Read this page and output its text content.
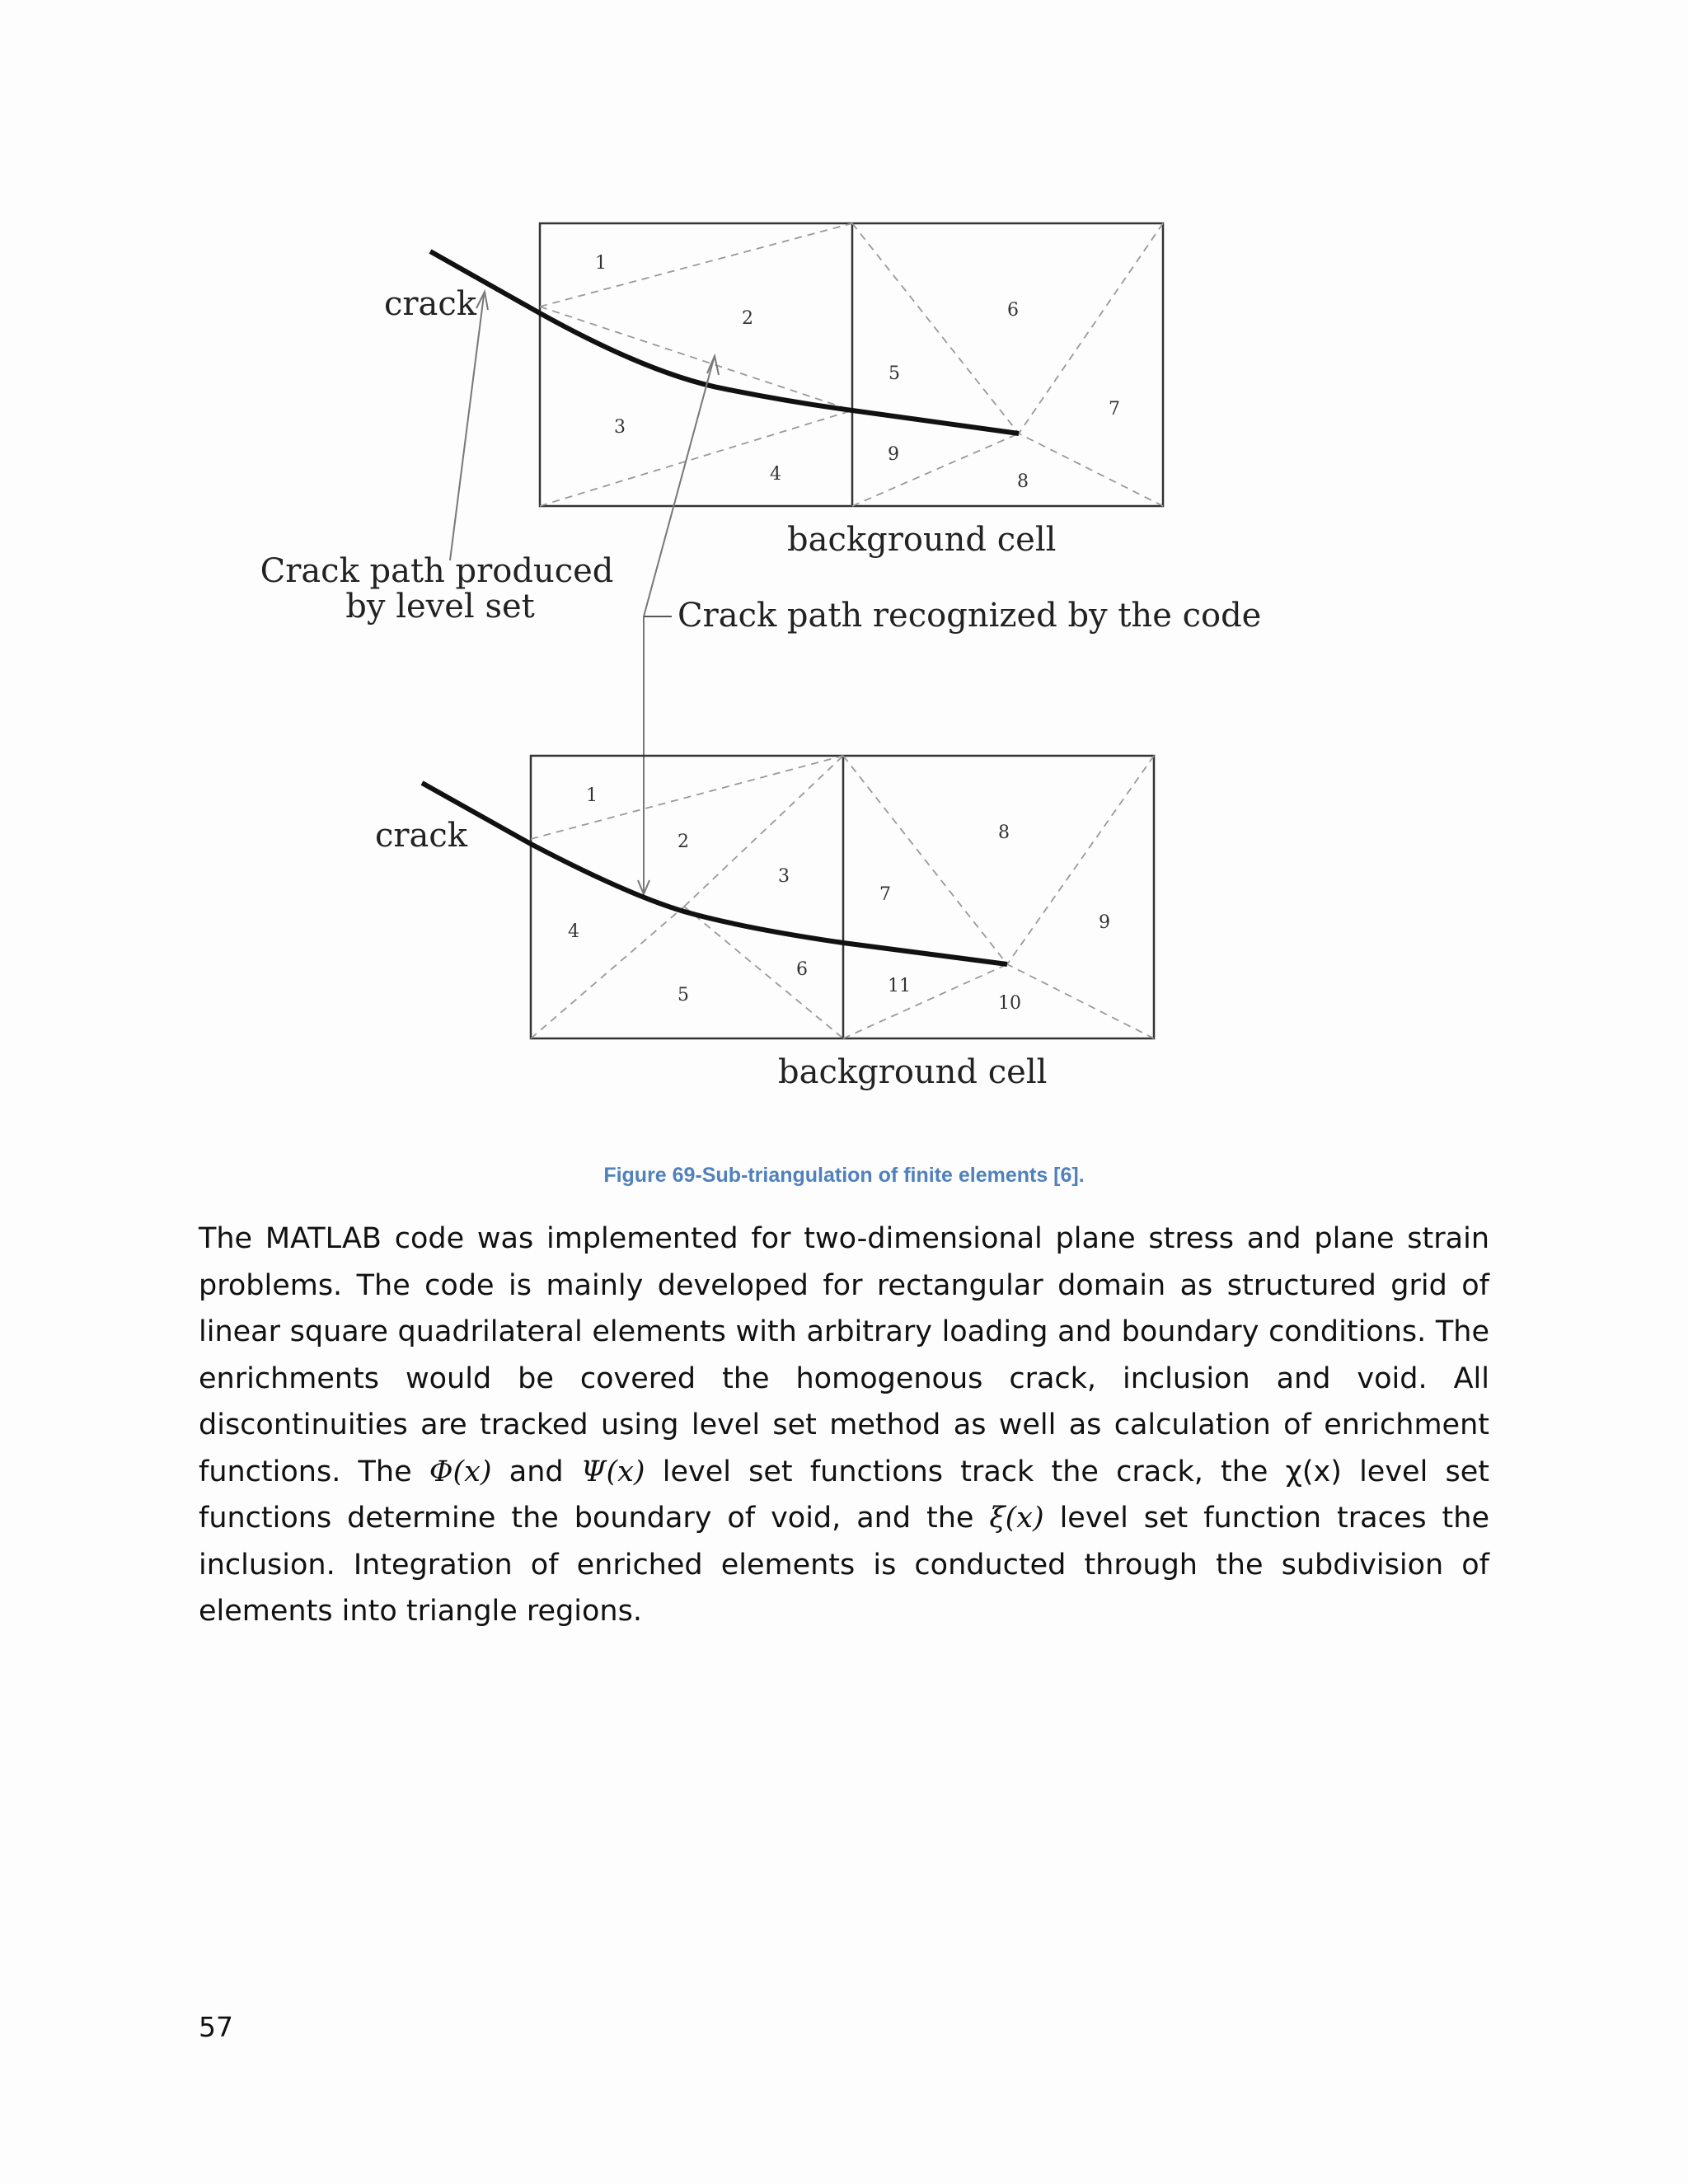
1
2
3
4
5
6
7
8
9
crack
background cell
Crack path produced
by level set	Crack path recognized by the code
1
2
3
4
5
6
7
8
9
10
11
crack
background cell
Figure 69-Sub-triangulation of finite elements [6].

The MATLAB code was implemented for two-dimensional plane stress and plane strain problems. The code is mainly developed for rectangular domain as structured grid of linear square quadrilateral elements with arbitrary loading and boundary conditions. The enrichments would be covered the homogenous crack, inclusion and void. All discontinuities are tracked using level set method as well as calculation of enrichment functions. The Φ(x) and Ψ(x) level set functions track the crack, the χ(x) level set functions determine the boundary of void, and the ξ(x) level set function traces the inclusion. Integration of enriched elements is conducted through the subdivision of elements into triangle regions.

57
